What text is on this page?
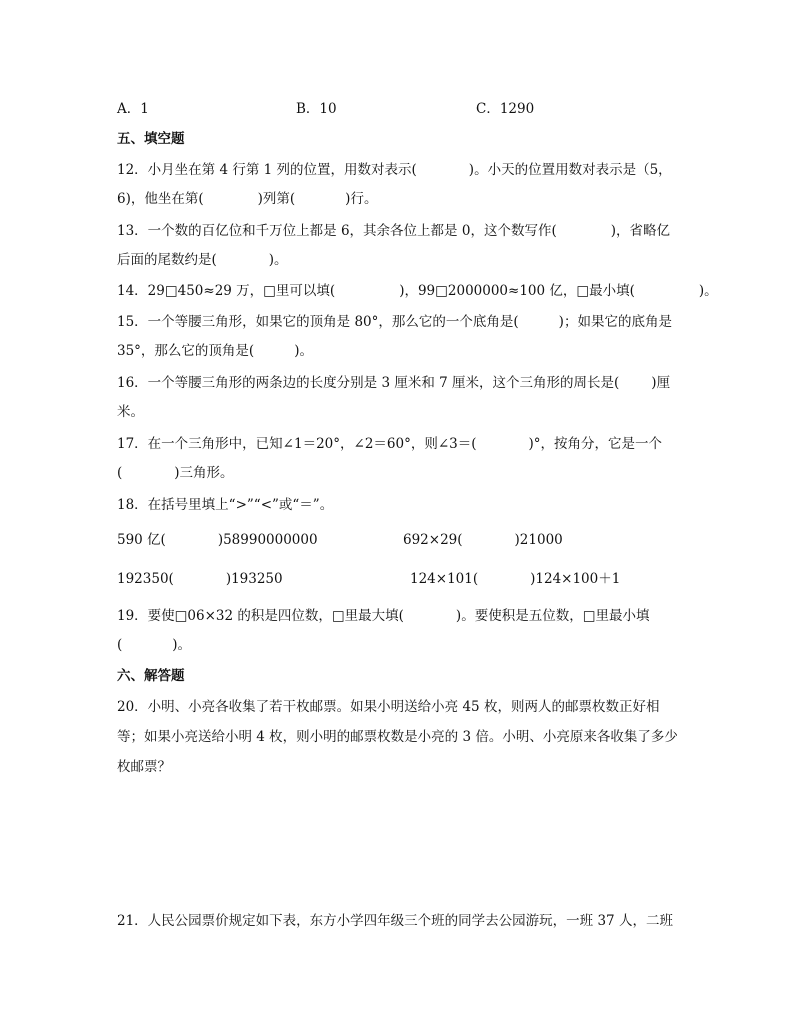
A．1	B．10	C．1290
五、填空题
12．小月坐在第 4 行第 1 列的位置，用数对表示(	)。小天的位置用数对表示是（5，
6)，他坐在第(	)列第(	)行。
13．一个数的百亿位和千万位上都是 6，其余各位上都是 0，这个数写作(	)，省略亿
后面的尾数约是(	)。
14．29□450≈29 万，□里可以填(	)，99□2000000≈100 亿，□最小填(	)。
15．一个等腰三角形，如果它的顶角是 80°，那么它的一个底角是(	)；如果它的底角是
35°，那么它的顶角是(	)。
16．一个等腰三角形的两条边的长度分别是 3 厘米和 7 厘米，这个三角形的周长是( )厘
米。
17．在一个三角形中，已知∠1＝20°，∠2＝60°，则∠3＝(	)°，按角分，它是一个
(	)三角形。
18．在括号里填上“>”“<”或“＝”。
590 亿(	)58990000000	692×29(	)21000
192350(	)193250	124×101(	)124×100＋1
19．要使□06×32 的积是四位数，□里最大填(	)。要使积是五位数，□里最小填
(	)。
六、解答题
20．小明、小亮各收集了若干枚邮票。如果小明送给小亮 45 枚，则两人的邮票枚数正好相
等；如果小亮送给小明 4 枚，则小明的邮票枚数是小亮的 3 倍。小明、小亮原来各收集了多少
枚邮票？
21．人民公园票价规定如下表，东方小学四年级三个班的同学去公园游玩，一班 37 人，二班
